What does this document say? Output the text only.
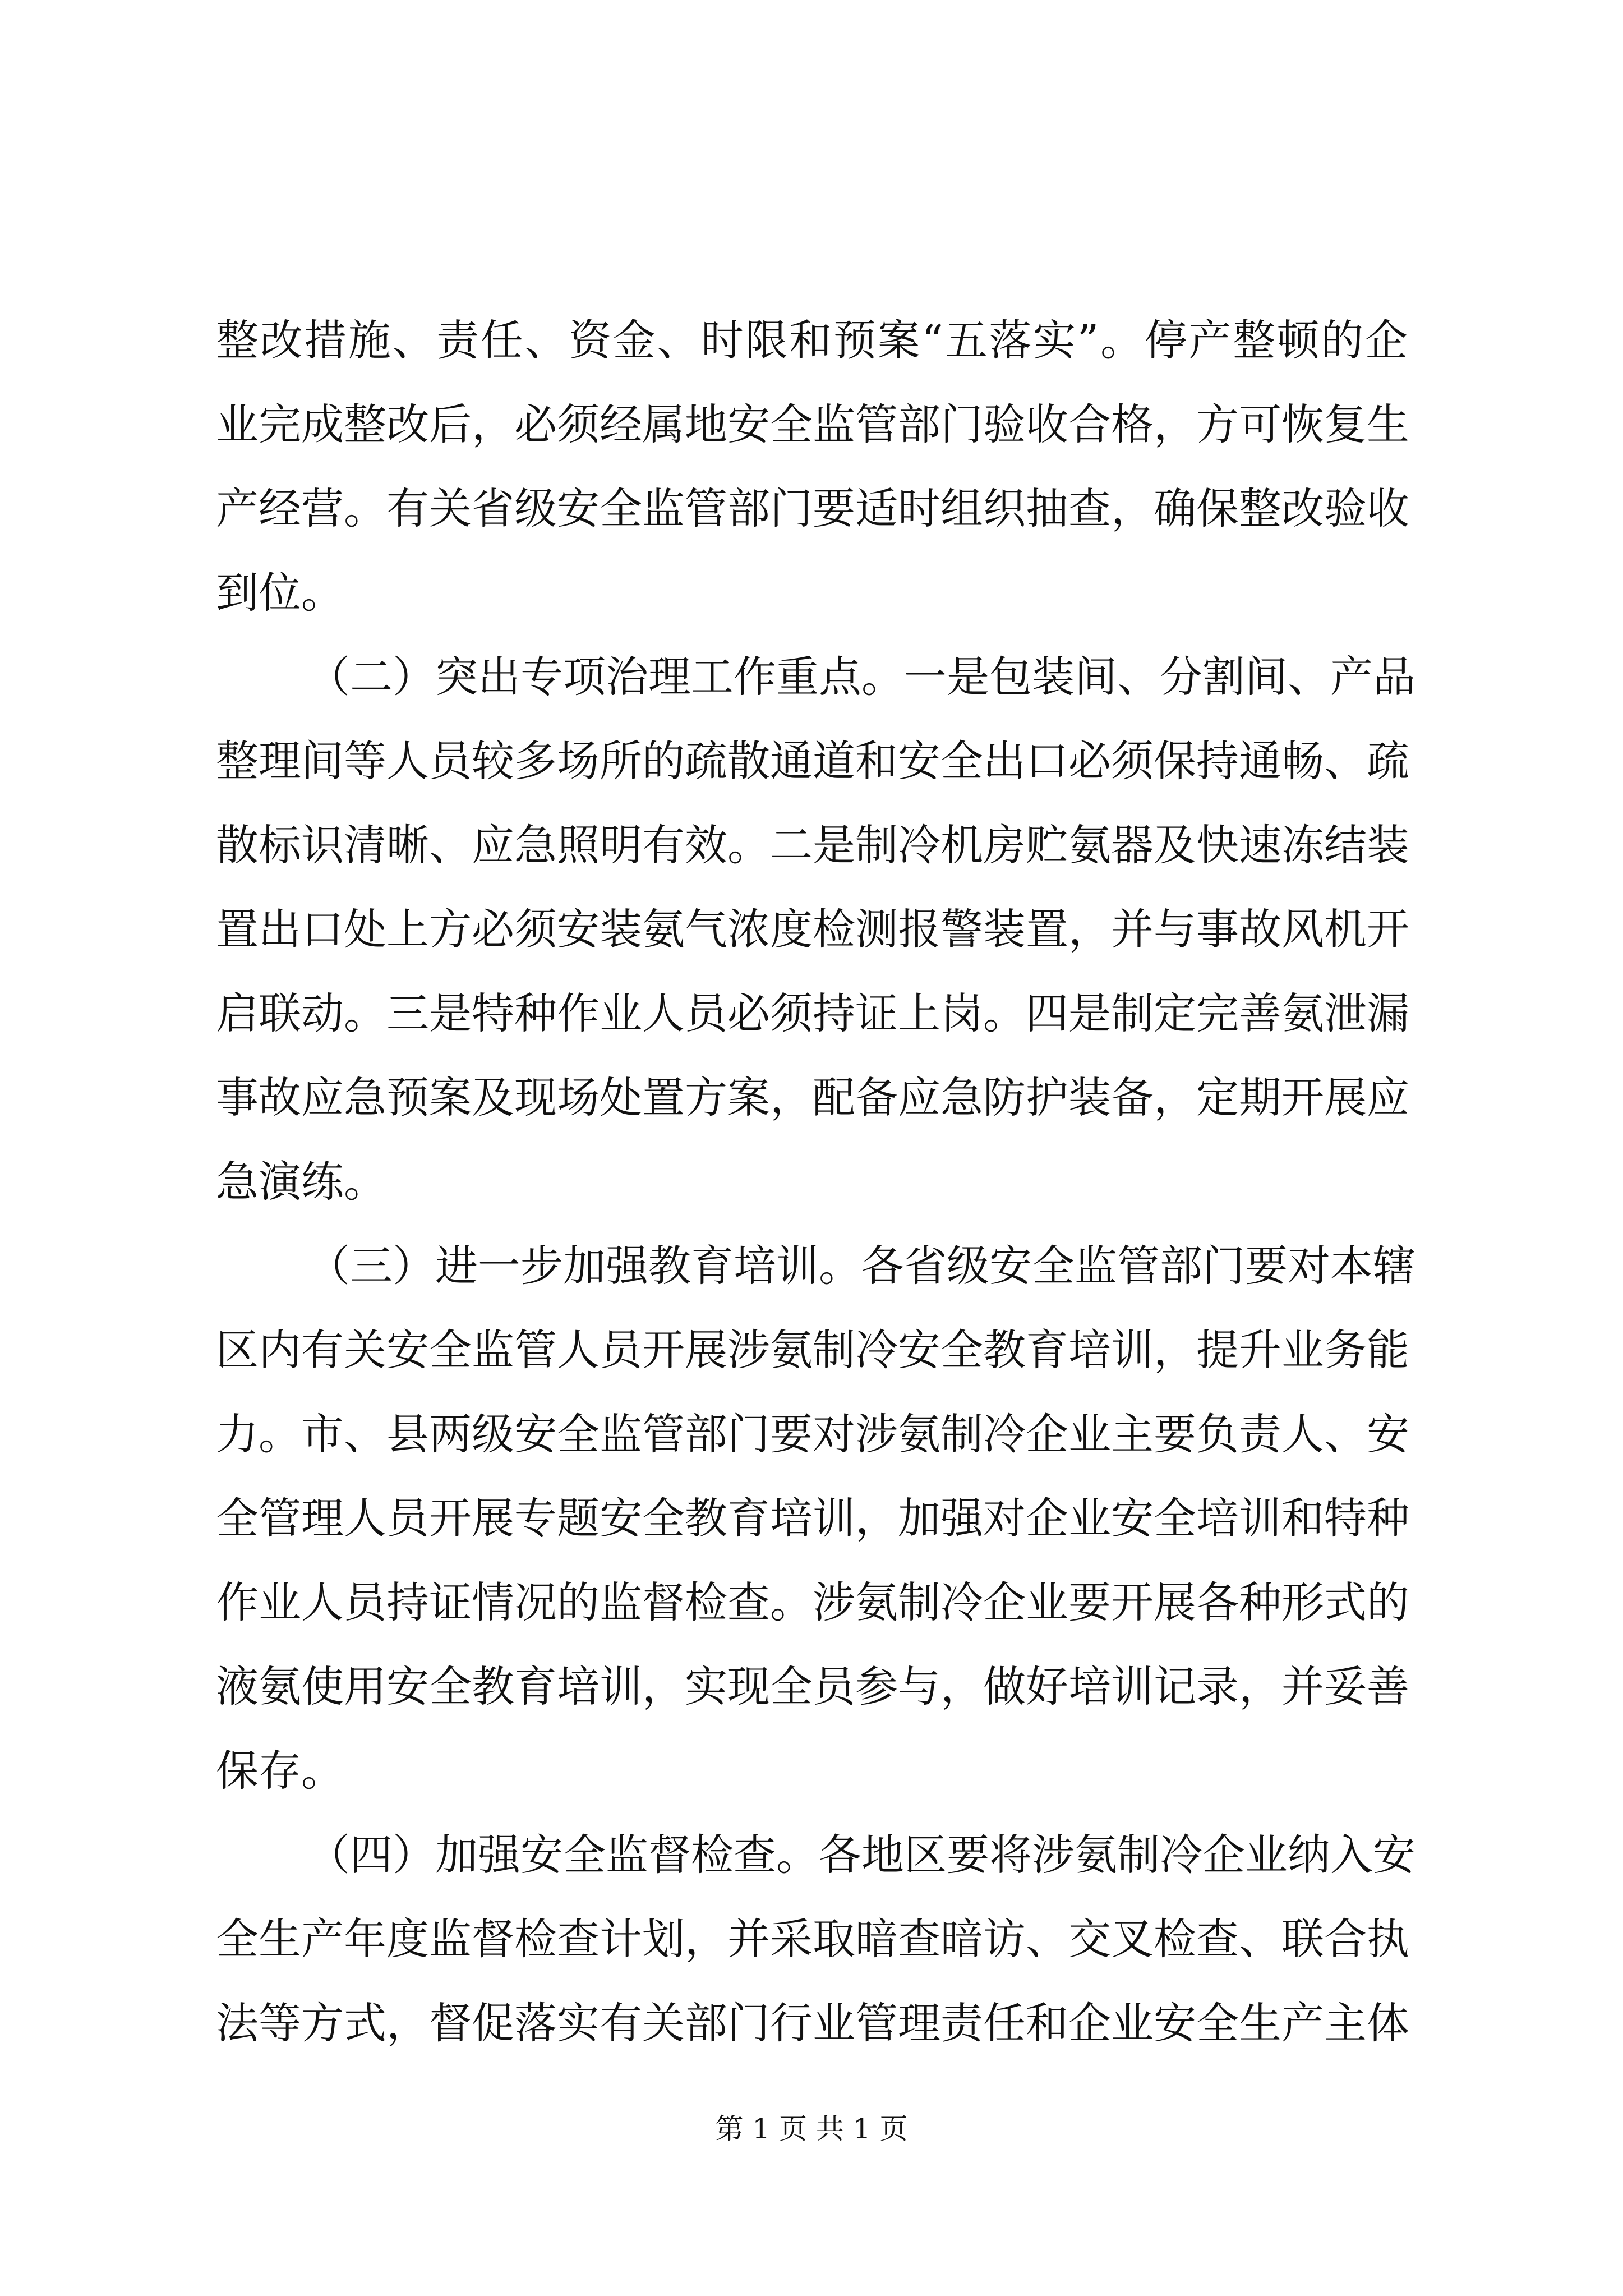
整改措施、责任、资金、时限和预案“五落实”。停产整顿的企
业完成整改后，必须经属地安全监管部门验收合格，方可恢复生
产经营。有关省级安全监管部门要适时组织抽查，确保整改验收
到位。
（二）突出专项治理工作重点。一是包装间、分割间、产品
整理间等人员较多场所的疏散通道和安全出口必须保持通畅、疏
散标识清晰、应急照明有效。二是制冷机房贮氨器及快速冻结装
置出口处上方必须安装氨气浓度检测报警装置，并与事故风机开
启联动。三是特种作业人员必须持证上岗。四是制定完善氨泄漏
事故应急预案及现场处置方案，配备应急防护装备，定期开展应
急演练。
（三）进一步加强教育培训。各省级安全监管部门要对本辖
区内有关安全监管人员开展涉氨制冷安全教育培训，提升业务能
力。市、县两级安全监管部门要对涉氨制冷企业主要负责人、安
全管理人员开展专题安全教育培训，加强对企业安全培训和特种
作业人员持证情况的监督检查。涉氨制冷企业要开展各种形式的
液氨使用安全教育培训，实现全员参与，做好培训记录，并妥善
保存。
（四）加强安全监督检查。各地区要将涉氨制冷企业纳入安
全生产年度监督检查计划，并采取暗查暗访、交叉检查、联合执
法等方式，督促落实有关部门行业管理责任和企业安全生产主体
第 1 页 共 1 页
